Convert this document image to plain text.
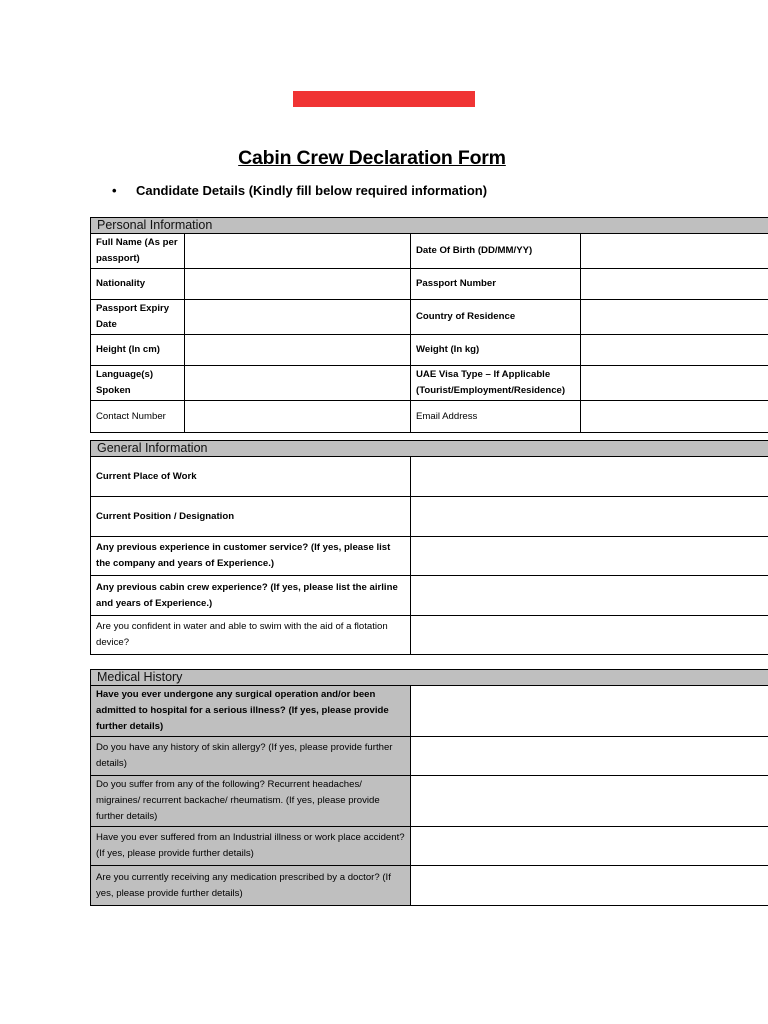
Cabin Crew Declaration Form
• Candidate Details (Kindly fill below required information)
Personal Information			
Full Name (As per passport)		Date Of Birth (DD/MM/YY)	

Nationality		Passport Number	

Passport Expiry Date		Country of Residence	

Height (In cm)		Weight (In kg)	

Language(s) Spoken		UAE Visa Type – If Applicable (Tourist/Employment/Residence)	

Contact Number		Email Address	
General Information	
Current Place of Work	

Current Position / Designation	

Any previous experience in customer service? (If yes, please list the company and years of Experience.)	

Any previous cabin crew experience? (If yes, please list the airline and years of Experience.)	

Are you confident in water and able to swim with the aid of a flotation device?	
Medical History	
Have you ever undergone any surgical operation and/or been admitted to hospital for a serious illness? (If yes, please provide further details)	

Do you have any history of skin allergy? (If yes, please provide further details)	

Do you suffer from any of the following? Recurrent headaches/ migraines/ recurrent backache/ rheumatism. (If yes, please provide further details)	

Have you ever suffered from an Industrial illness or work place accident? (If yes, please provide further details)	

Are you currently receiving any medication prescribed by a doctor? (If yes, please provide further details)	
